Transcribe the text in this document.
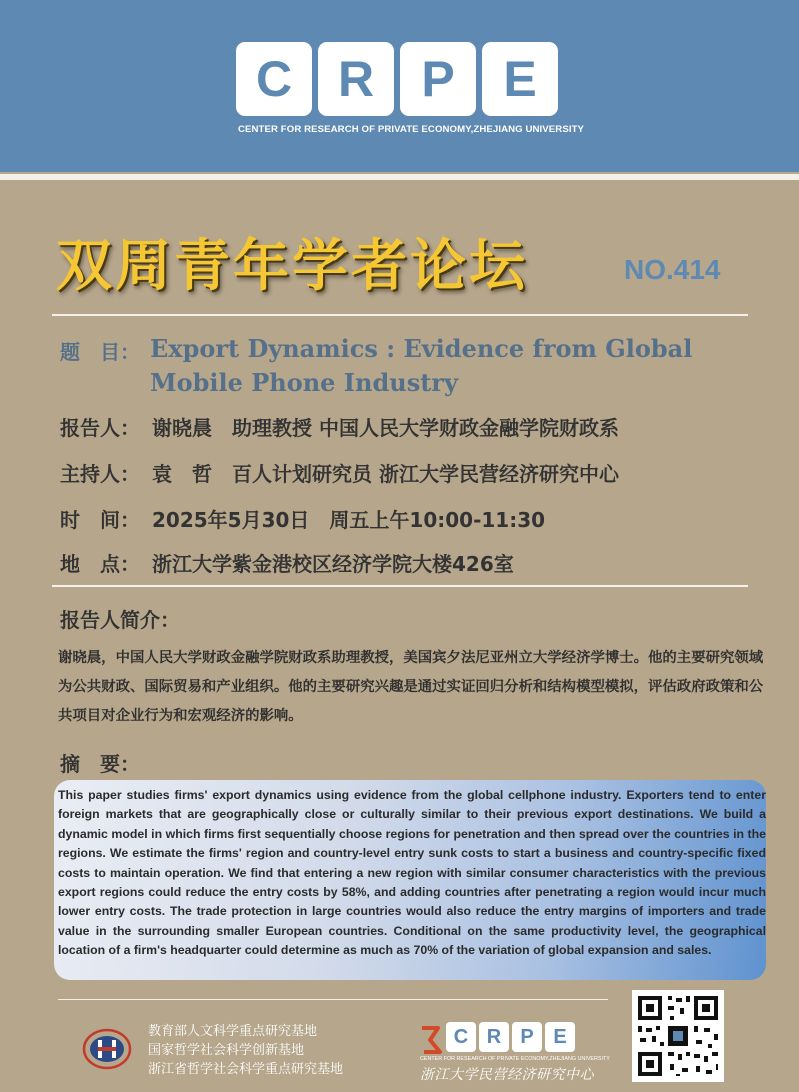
C R P E
CENTER FOR RESEARCH OF PRIVATE ECONOMY,ZHEJIANG UNIVERSITY
双周青年学者论坛	NO.414
题　目： Export Dynamics : Evidence from Global Mobile Phone Industry
报告人： 谢晓晨　助理教授 中国人民大学财政金融学院财政系
主持人： 袁　哲　百人计划研究员 浙江大学民营经济研究中心
时　间： 2025年5月30日　周五上午10:00-11:30
地　点： 浙江大学紫金港校区经济学院大楼426室
报告人简介：
谢晓晨，中国人民大学财政金融学院财政系助理教授，美国宾夕法尼亚州立大学经济学博士。他的主要研究领域为公共财政、国际贸易和产业组织。他的主要研究兴趣是通过实证回归分析和结构模型模拟，评估政府政策和公共项目对企业行为和宏观经济的影响。
摘　要：
This paper studies firms' export dynamics using evidence from the global cellphone industry. Exporters tend to enter foreign markets that are geographically close or culturally similar to their previous export destinations. We build a dynamic model in which firms first sequentially choose regions for penetration and then spread over the countries in the regions. We estimate the firms' region and country-level entry sunk costs to start a business and country-specific fixed costs to maintain operation. We find that entering a new region with similar consumer characteristics with the previous export regions could reduce the entry costs by 58%, and adding countries after penetrating a region would incur much lower entry costs. The trade protection in large countries would also reduce the entry margins of importers and trade value in the surrounding smaller European countries. Conditional on the same productivity level, the geographical location of a firm's headquarter could determine as much as 70% of the variation of global expansion and sales.
教育部人文科学重点研究基地
国家哲学社会科学创新基地
浙江省哲学社会科学重点研究基地
C R P E
CENTER FOR RESEARCH OF PRIVATE ECONOMY,ZHEJIANG UNIVERSITY
浙江大学民营经济研究中心
